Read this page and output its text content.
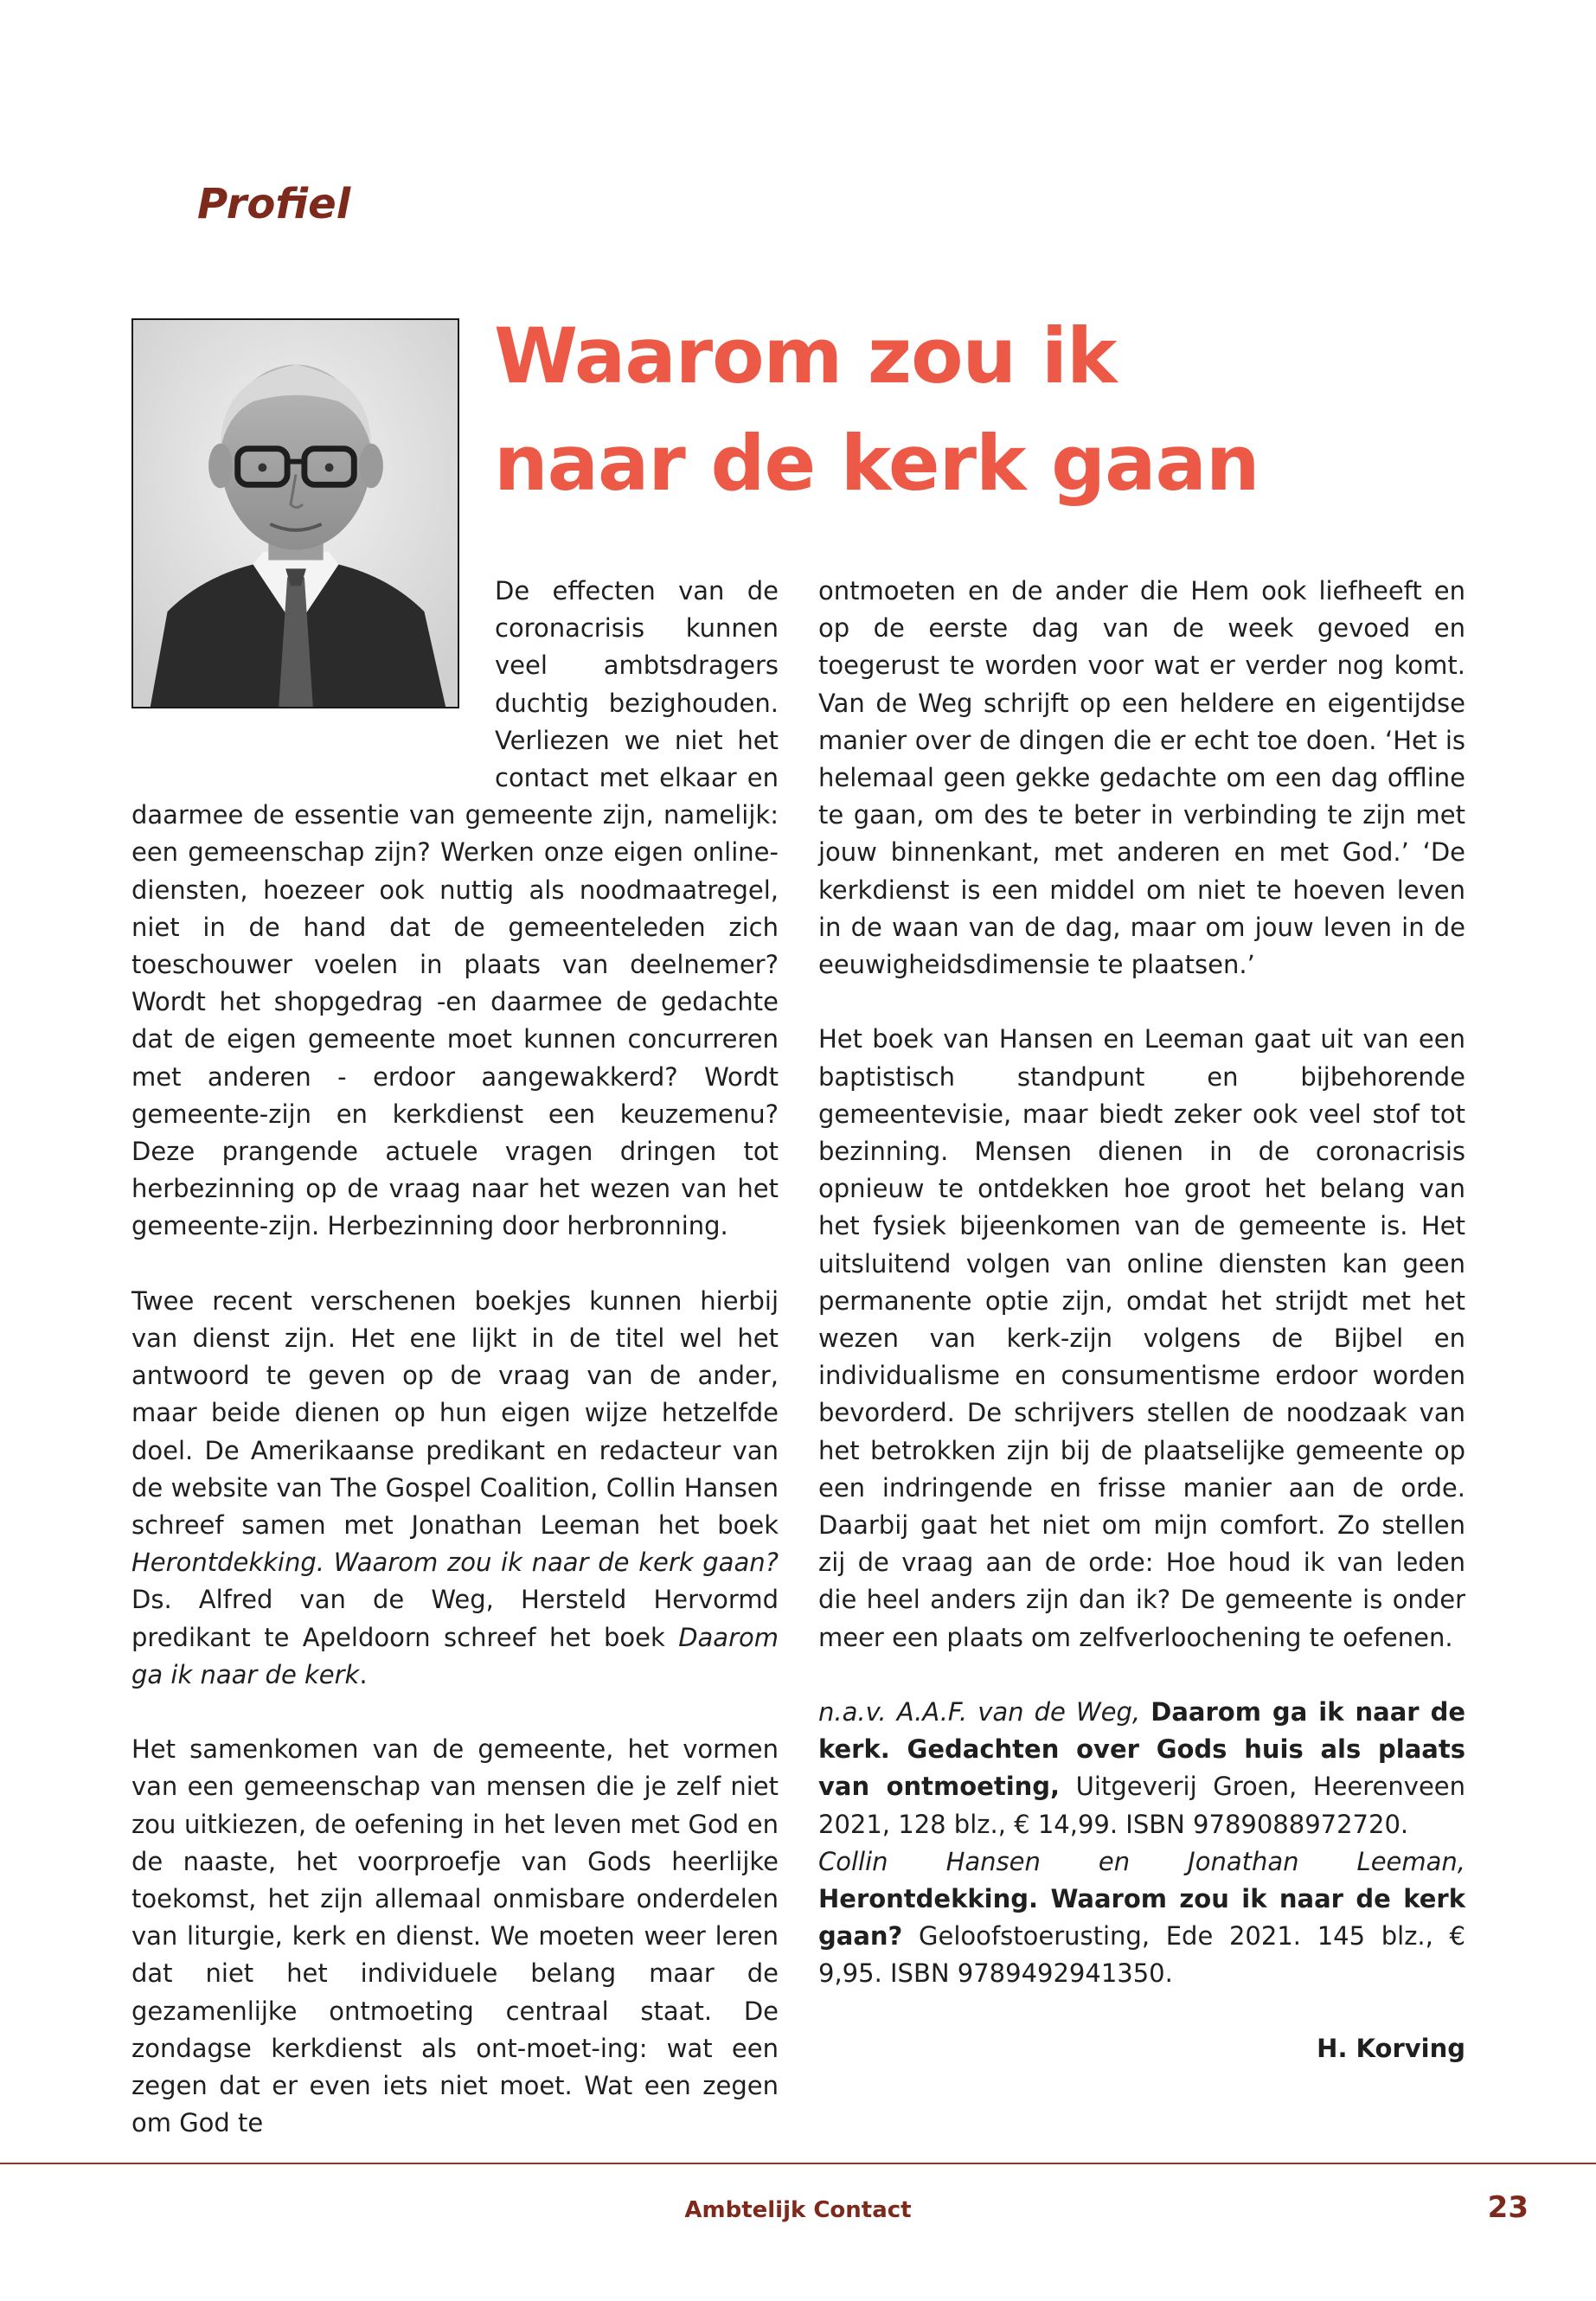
Profiel
Waarom zou ik
naar de kerk gaan

De effecten van de coronacrisis kunnen veel ambtsdragers duchtig bezighouden. Verliezen we niet het contact met elkaar en daarmee de essentie van gemeente zijn, namelijk: een gemeenschap zijn? Werken onze eigen online-diensten, hoezeer ook nuttig als noodmaatregel, niet in de hand dat de gemeenteleden zich toeschouwer voelen in plaats van deelnemer? Wordt het shopgedrag -en daarmee de gedachte dat de eigen gemeente moet kunnen concurreren met anderen - erdoor aangewakkerd? Wordt gemeente-zijn en kerkdienst een keuzemenu? Deze prangende actuele vragen dringen tot herbezinning op de vraag naar het wezen van het gemeente-zijn. Herbezinning door herbronning.

Twee recent verschenen boekjes kunnen hierbij van dienst zijn. Het ene lijkt in de titel wel het antwoord te geven op de vraag van de ander, maar beide dienen op hun eigen wijze hetzelfde doel. De Amerikaanse predikant en redacteur van de website van The Gospel Coalition, Collin Hansen schreef samen met Jonathan Leeman het boek Herontdekking. Waarom zou ik naar de kerk gaan? Ds. Alfred van de Weg, Hersteld Hervormd predikant te Apeldoorn schreef het boek Daarom ga ik naar de kerk.

Het samenkomen van de gemeente, het vormen van een gemeenschap van mensen die je zelf niet zou uitkiezen, de oefening in het leven met God en de naaste, het voorproefje van Gods heerlijke toekomst, het zijn allemaal onmisbare onderdelen van liturgie, kerk en dienst. We moeten weer leren dat niet het individuele belang maar de gezamenlijke ontmoeting centraal staat. De zondagse kerkdienst als ont-moet-ing: wat een zegen dat er even iets niet moet. Wat een zegen om God te

ontmoeten en de ander die Hem ook liefheeft en op de eerste dag van de week gevoed en toegerust te worden voor wat er verder nog komt. Van de Weg schrijft op een heldere en eigentijdse manier over de dingen die er echt toe doen. ‘Het is helemaal geen gekke gedachte om een dag offline te gaan, om des te beter in verbinding te zijn met jouw binnenkant, met anderen en met God.’ ‘De kerkdienst is een middel om niet te hoeven leven in de waan van de dag, maar om jouw leven in de eeuwigheidsdimensie te plaatsen.’

Het boek van Hansen en Leeman gaat uit van een baptistisch standpunt en bijbehorende gemeentevisie, maar biedt zeker ook veel stof tot bezinning. Mensen dienen in de coronacrisis opnieuw te ontdekken hoe groot het belang van het fysiek bijeenkomen van de gemeente is. Het uitsluitend volgen van online diensten kan geen permanente optie zijn, omdat het strijdt met het wezen van kerk-zijn volgens de Bijbel en individualisme en consumentisme erdoor worden bevorderd. De schrijvers stellen de noodzaak van het betrokken zijn bij de plaatselijke gemeente op een indringende en frisse manier aan de orde. Daarbij gaat het niet om mijn comfort. Zo stellen zij de vraag aan de orde: Hoe houd ik van leden die heel anders zijn dan ik? De gemeente is onder meer een plaats om zelfverloochening te oefenen.

n.a.v. A.A.F. van de Weg, Daarom ga ik naar de kerk. Gedachten over Gods huis als plaats van ontmoeting, Uitgeverij Groen, Heerenveen 2021, 128 blz., € 14,99. ISBN 9789088972720.

Collin Hansen en Jonathan Leeman, Herontdekking. Waarom zou ik naar de kerk gaan? Geloofstoerusting, Ede 2021. 145 blz., € 9,95. ISBN 9789492941350.

H. Korving

Ambtelijk Contact	23
